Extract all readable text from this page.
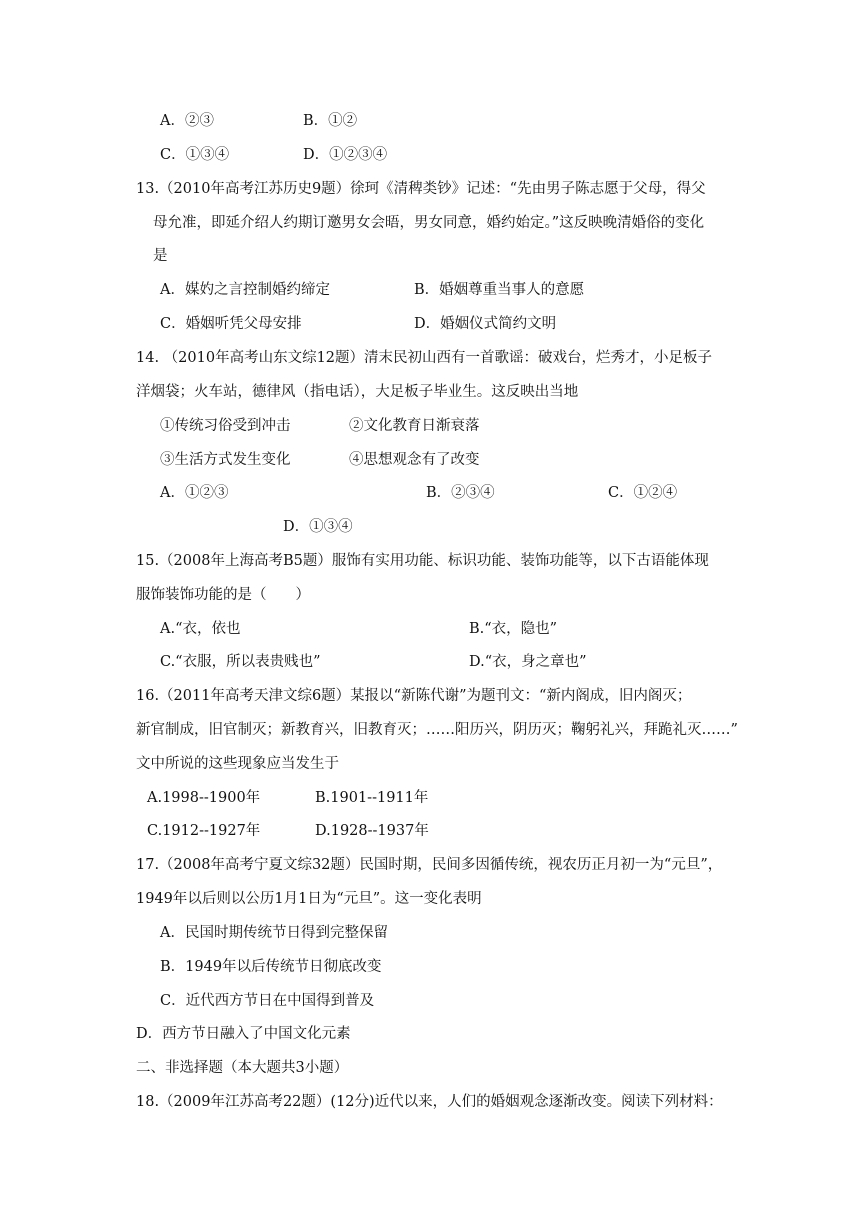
A．②③	B．①②
C．①③④	D．①②③④
13.（2010年高考江苏历史9题）徐珂《清稗类钞》记述：“先由男子陈志愿于父母，得父
母允准，即延介绍人约期订邀男女会晤，男女同意，婚约始定。”这反映晚清婚俗的变化
是
A．媒妁之言控制婚约缔定	B．婚姻尊重当事人的意愿
C．婚姻听凭父母安排	D．婚姻仪式简约文明
14. （2010年高考山东文综12题）清末民初山西有一首歌谣：破戏台，烂秀才，小足板子
洋烟袋；火车站，德律风（指电话），大足板子毕业生。这反映出当地
①传统习俗受到冲击	②文化教育日渐衰落
③生活方式发生变化	④思想观念有了改变
A．①②③	B．②③④	C．①②④
D．①③④
15.（2008年上海高考B5题）服饰有实用功能、标识功能、装饰功能等，以下古语能体现
服饰装饰功能的是（　　）
A.“衣，依也	B.“衣，隐也”
C.“衣服，所以表贵贱也”	D.“衣，身之章也”
16.（2011年高考天津文综6题）某报以“新陈代谢”为题刊文：“新内阁成，旧内阁灭；
新官制成，旧官制灭；新教育兴，旧教育灭；……阳历兴，阴历灭；鞠躬礼兴，拜跪礼灭……”
文中所说的这些现象应当发生于
A.1998--1900年	B.1901--1911年
C.1912--1927年	D.1928--1937年
17.（2008年高考宁夏文综32题）民国时期，民间多因循传统，视农历正月初一为“元旦”，
1949年以后则以公历1月1日为“元旦”。这一变化表明
A．民国时期传统节日得到完整保留
B．1949年以后传统节日彻底改变
C．近代西方节日在中国得到普及
D．西方节日融入了中国文化元素
二、非选择题（本大题共3小题）
18.（2009年江苏高考22题）(12分)近代以来，人们的婚姻观念逐渐改变。阅读下列材料：
